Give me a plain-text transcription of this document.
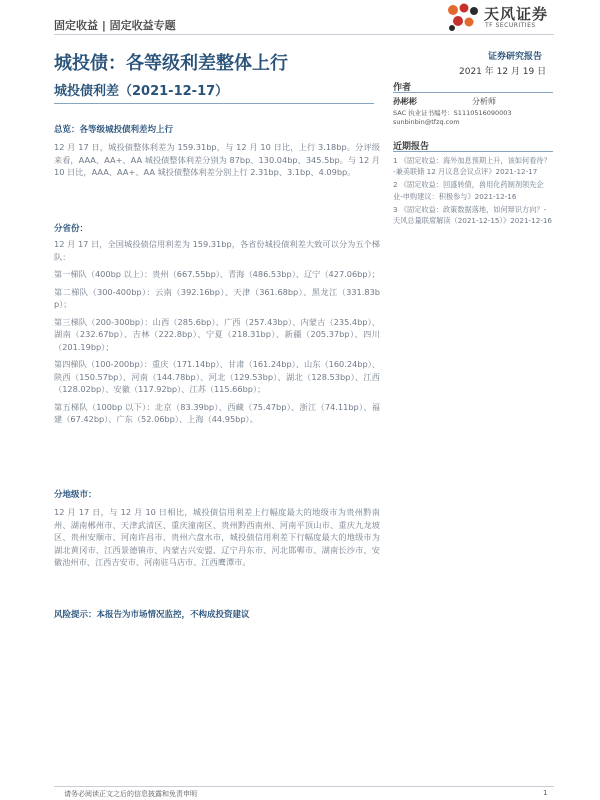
固定收益 | 固定收益专题
天风证券
TF SECURITIES
城投债：各等级利差整体上行
城投债利差（2021-12-17）
证券研究报告
2021 年 12 月 19 日
作者
孙彬彬	分析师
SAC 执业证书编号：S1110516090003
sunbinbin@tfzq.com
近期报告
1 《固定收益：海外加息预期上升，该如何看待？-兼美联储 12 月议息会议点评》2021-12-17
2 《固定收益：回盛转债，兽用化药制剂领先企业-申购建议：积极参与》2021-12-16
3 《固定收益：政策数据落地，如何辩识方向？-天风总量联席解读（2021-12-15）》2021-12-16
总览：各等级城投债利差均上行
12 月 17 日，城投债整体利差为 159.31bp，与 12 月 10 日比，上行 3.18bp。分评级来看，AAA、AA+、AA 城投债整体利差分别为 87bp、130.04bp、345.5bp。与 12 月 10 日比，AAA、AA+、AA 城投债整体利差分别上行 2.31bp、3.1bp、4.09bp。
分省份：

12 月 17 日，全国城投债信用利差为 159.31bp，各省份城投债利差大致可以分为五个梯队：

第一梯队（400bp 以上）：贵州（667.55bp）、青海（486.53bp）、辽宁（427.06bp）；

第二梯队（300-400bp）：云南（392.16bp）、天津（361.68bp）、黑龙江（331.83bp）；

第三梯队（200-300bp）：山西（285.6bp）、广西（257.43bp）、内蒙古（235.4bp）、湖南（232.67bp）、吉林（222.8bp）、宁夏（218.31bp）、新疆（205.37bp）、四川（201.19bp）；

第四梯队（100-200bp）：重庆（171.14bp）、甘肃（161.24bp）、山东（160.24bp）、陕西（150.57bp）、河南（144.78bp）、河北（129.53bp）、湖北（128.53bp）、江西（128.02bp）、安徽（117.92bp）、江苏（115.66bp）；

第五梯队（100bp 以下）：北京（83.39bp）、西藏（75.47bp）、浙江（74.11bp）、福建（67.42bp）、广东（52.06bp）、上海（44.95bp）。

分地级市：
12 月 17 日，与 12 月 10 日相比，城投债信用利差上行幅度最大的地级市为贵州黔南州、湖南郴州市、天津武清区、重庆潼南区、贵州黔西南州、河南平顶山市、重庆九龙坡区、贵州安顺市、河南许昌市、贵州六盘水市，城投债信用利差下行幅度最大的地级市为湖北黄冈市、江西景德镇市、内蒙古兴安盟、辽宁丹东市、河北邯郸市、湖南长沙市、安徽池州市、江西吉安市、河南驻马店市、江西鹰潭市。
风险提示：本报告为市场情况监控，不构成投资建议
请务必阅读正文之后的信息披露和免责申明	1
